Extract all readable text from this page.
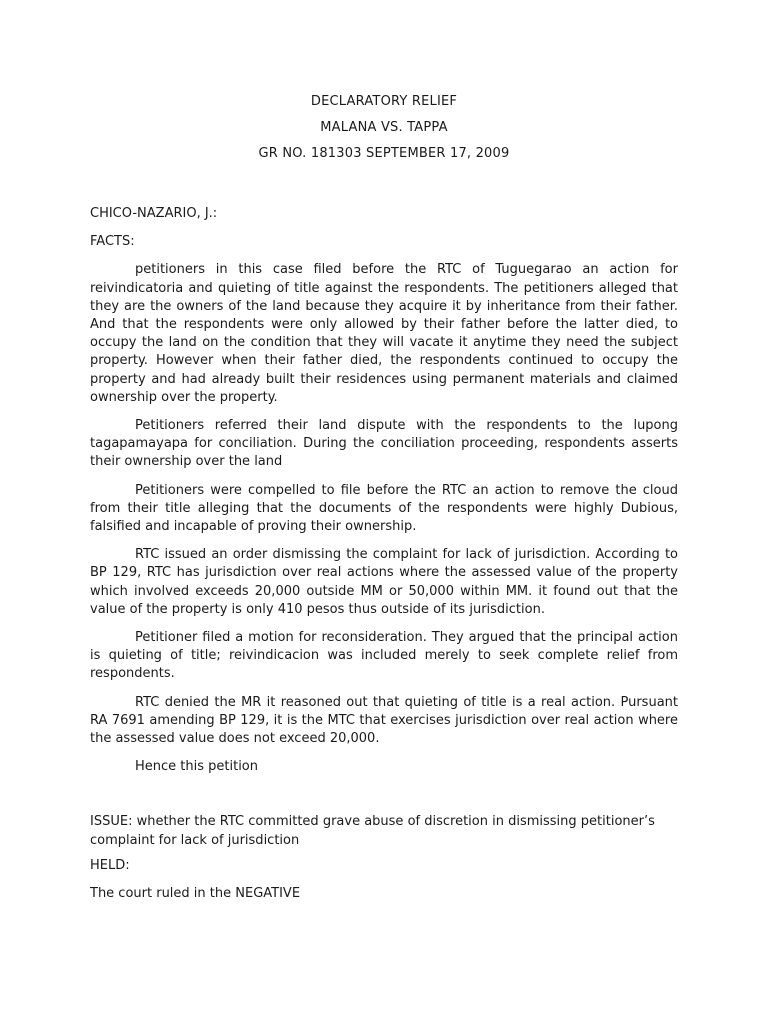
DECLARATORY RELIEF
MALANA VS. TAPPA
GR NO. 181303 SEPTEMBER 17, 2009
CHICO-NAZARIO, J.:
FACTS:

petitioners in this case filed before the RTC of Tuguegarao an action for reivindicatoria and quieting of title against the respondents. The petitioners alleged that they are the owners of the land because they acquire it by inheritance from their father. And that the respondents were only allowed by their father before the latter died, to occupy the land on the condition that they will vacate it anytime they need the subject property. However when their father died, the respondents continued to occupy the property and had already built their residences using permanent materials and claimed ownership over the property.

Petitioners referred their land dispute with the respondents to the lupong tagapamayapa for conciliation. During the conciliation proceeding, respondents asserts their ownership over the land

Petitioners were compelled to file before the RTC an action to remove the cloud from their title alleging that the documents of the respondents were highly Dubious, falsified and incapable of proving their ownership.

RTC issued an order dismissing the complaint for lack of jurisdiction. According to BP 129, RTC has jurisdiction over real actions where the assessed value of the property which involved exceeds 20,000 outside MM or 50,000 within MM. it found out that the value of the property is only 410 pesos thus outside of its jurisdiction.

Petitioner filed a motion for reconsideration. They argued that the principal action is quieting of title; reivindicacion was included merely to seek complete relief from respondents.

RTC denied the MR it reasoned out that quieting of title is a real action. Pursuant RA 7691 amending BP 129, it is the MTC that exercises jurisdiction over real action where the assessed value does not exceed 20,000.

Hence this petition

ISSUE: whether the RTC committed grave abuse of discretion in dismissing petitioner’s complaint for lack of jurisdiction

HELD:
The court ruled in the NEGATIVE
